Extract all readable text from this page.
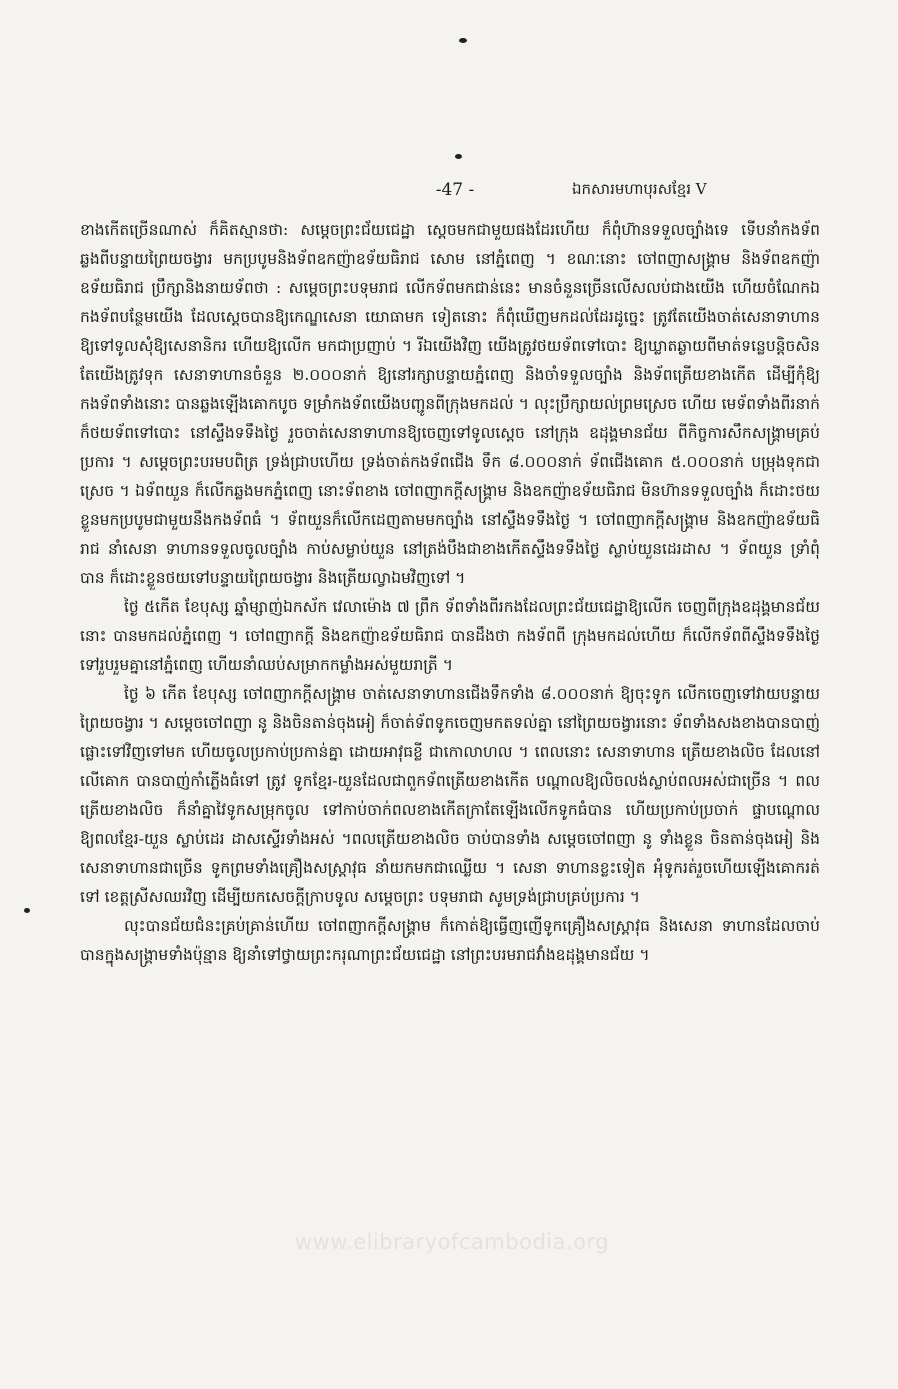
-47 -	ឯកសារមហាបុរសខ្មែរ V

ខាងកើតច្រើនណាស់ ក៏គិតស្មានថា: សម្ដេចព្រះជ័យជេដ្ឋា ស្ដេចមកជាមួយផងដែរហើយ ក៏ពុំហ៊ានទទួលច្បាំងទេ ទើបនាំកងទ័ព ឆ្លងពីបន្ទាយព្រៃយចង្វារ មកប្របូមនិងទ័ពឧកញ៉ាឧទ័យធិរាជ សោម នៅភ្នំពេញ ។ ខណៈនោះ ចៅពញាសង្គ្រាម និងទ័ពឧកញ៉ាឧទ័យធិរាជ ប្រឹក្សានិងនាយទ័ពថា : សម្ដេចព្រះបទុមរាជ លើកទ័ពមកជាន់នេះ មានចំនួនច្រើនលើសលប់ជាងយើង ហើយចំណែកឯកងទ័ពបន្ថែមយើង ដែលស្ដេចបានឱ្យកេណ្ឌសេនា យោធាមក ទៀតនោះ ក៏ពុំឃើញមកដល់ដែរដូច្នេះ ត្រូវតែយើងចាត់សេនាទាហាន ឱ្យទៅទូលសុំឱ្យសេនានិករ ហើយឱ្យលើក មកជាប្រញាប់ ។ រីឯយើងវិញ យើងត្រូវថយទ័ពទៅបោះ ឱ្យឃ្លាតឆ្ងាយពីមាត់ទន្លេបន្ដិចសិន តែយើងត្រូវទុក សេនាទាហានចំនួន ២.០០០នាក់ ឱ្យនៅរក្សាបន្ទាយភ្នំពេញ និងចាំទទួលច្បាំង និងទ័ពត្រើយខាងកើត ដើម្បីកុំឱ្យ កងទ័ពទាំងនោះ បានឆ្លងឡើងគោកបូច ទម្រាំកងទ័ពយើងបញ្ជូនពីក្រុងមកដល់ ។ លុះប្រឹក្សាយល់ព្រមស្រេច ហើយ មេទ័ពទាំងពីរនាក់ ក៏ថយទ័ពទៅបោះ នៅស្ទឹងទទឹងថ្ងៃ រួចចាត់សេនាទាហានឱ្យចេញទៅទូលស្ដេច នៅក្រុង ឧដុង្គមានជ័យ ពីកិច្ចការសឹកសង្គ្រាមគ្រប់ប្រការ ។ សម្ដេចព្រះបរមបពិត្រ ទ្រង់ជ្រាបហើយ ទ្រង់ចាត់កងទ័ពជើង ទឹក ៨.០០០នាក់ ទ័ពជើងគោក ៥.០០០នាក់ បម្រុងទុកជាស្រេច ។ ឯទ័ពយួន ក៏លើកឆ្លងមកភ្នំពេញ នោះទ័ពខាង ចៅពញាកក្ដីសង្គ្រាម និងឧកញ៉ាឧទ័យធិរាជ មិនហ៊ានទទួលច្បាំង ក៏ដោះថយខ្លួនមកប្របូមជាមួយនឹងកងទ័ពធំ ។ ទ័ពយួនក៏លើកដេញតាមមកច្បាំង នៅស្ទឹងទទឹងថ្ងៃ ។ ចៅពញាកក្ដីសង្គ្រាម និងឧកញ៉ាឧទ័យធិរាជ នាំសេនា ទាហានទទួលចូលច្បាំង កាប់សម្លាប់យួន នៅត្រង់បឹងជាខាងកើតស្ទឹងទទឹងថ្ងៃ ស្លាប់យួនដេរដាស ។ ទ័ពយួន ទ្រាំពុំ បាន ក៏ដោះខ្លួនថយទៅបន្ទាយព្រៃយចង្វារ និងត្រើយល្វាឯមវិញទៅ ។

ថ្ងៃ ៥កើត ខែបុស្ស ឆ្នាំម្សាញ់ឯកស័ក វេលាម៉ោង ៧ ព្រឹក ទ័ពទាំងពីរកងដែលព្រះជ័យជេដ្ឋាឱ្យលើក ចេញពីក្រុងឧដុង្គមានជ័យនោះ បានមកដល់ភ្នំពេញ ។ ចៅពញាកក្ដី និងឧកញ៉ាឧទ័យធិរាជ បានដឹងថា កងទ័ពពី ក្រុងមកដល់ហើយ ក៏លើកទ័ពពីស្ទឹងទទឹងថ្ងៃ ទៅរួបរួមគ្នានៅភ្នំពេញ ហើយនាំឈប់សម្រាកកម្លាំងអស់មួយរាត្រី ។

ថ្ងៃ ៦ កើត ខែបុស្ស ចៅពញាកក្ដីសង្គ្រាម ចាត់សេនាទាហានជើងទឹកទាំង ៨.០០០នាក់ ឱ្យចុះទូក លើកចេញទៅវាយបន្ទាយព្រៃយចង្វារ ។ សម្ដេចចៅពញា នូ និងចិនតាន់ចុងអៀ ក៏ចាត់ទ័ពទូកចេញមកតទល់គ្នា នៅព្រៃយចង្វារនោះ ទ័ពទាំងសងខាងបានបាញ់ផ្លោះទៅវិញទៅមក ហើយចូលប្រកាប់ប្រកាន់គ្នា ដោយអាវុធខ្លី ជាកោលាហល ។ ពេលនោះ សេនាទាហាន ត្រើយខាងលិច ដែលនៅលើគោក បានបាញ់កាំភ្លើងធំទៅ ត្រូវ ទូកខ្មែរ-យួនដែលជាពួកទ័ពត្រើយខាងកើត បណ្ដាលឱ្យលិចលង់ស្លាប់ពលអស់ជាច្រើន ។ ពលត្រើយខាងលិច ក៏នាំគ្នាវៃទូកសម្រុកចូល ទៅកាប់ចាក់ពលខាងកើតក្រាតែឡើងលើកទូកធំបាន ហើយប្រកាប់ប្រចាក់ ផ្ទាបណ្ដោល ឱ្យពលខ្មែរ-យួន ស្លាប់ដេរ ដាសស្ទើរទាំងអស់ ។ពលត្រើយខាងលិច ចាប់បានទាំង សម្ដេចចៅពញា នូ ទាំងខ្លួន ចិនតាន់ចុងអៀ និងសេនាទាហានជាច្រើន ទូកព្រមទាំងគ្រឿងសស្ត្រាវុធ នាំយកមកជាឈ្លើយ ។ សេនា ទាហានខ្លះទៀត អុំទូករត់រួចហើយឡើងគោករត់ទៅ ខេត្តស្រីសឈរវិញ ដើម្បីយកសេចក្ដីក្រាបទូល សម្ដេចព្រះ បទុមរាជា សូមទ្រង់ជ្រាបគ្រប់ប្រការ ។

លុះបានជ័យជំនះគ្រប់គ្រាន់ហើយ ចៅពញាកក្ដីសង្គ្រាម ក៏កោត់ឱ្យធ្វើញញើទូកគ្រឿងសស្ត្រាវុធ និងសេនា ទាហានដែលចាប់បានក្នុងសង្គ្រាមទាំងប៉ុន្មាន ឱ្យនាំទៅថ្វាយព្រះករុណាព្រះជ័យជេដ្ឋា នៅព្រះបរមរាជវាំងឧដុង្គមានជ័យ ។

www.elibraryofcambodia.org
